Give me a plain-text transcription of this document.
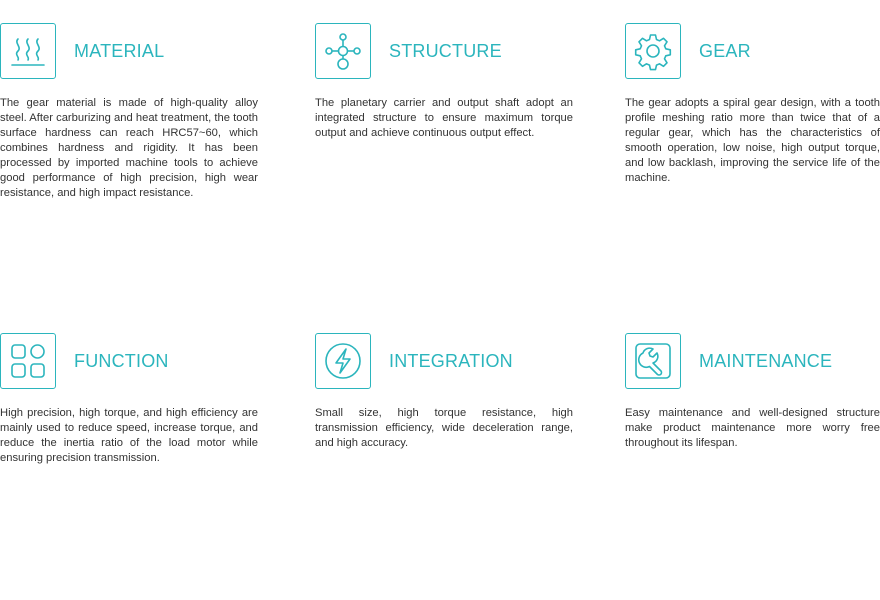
MATERIAL

The gear material is made of high-quality alloy steel. After carburizing and heat treatment, the tooth surface hardness can reach HRC57~60, which combines hardness and rigidity. It has been processed by imported machine tools to achieve good performance of high precision, high wear resistance, and high impact resistance.

STRUCTURE

The planetary carrier and output shaft adopt an integrated structure to ensure maximum torque output and achieve continuous output effect.

GEAR

The gear adopts a spiral gear design, with a tooth profile meshing ratio more than twice that of a regular gear, which has the characteristics of smooth operation, low noise, high output torque, and low backlash, improving the service life of the machine.

FUNCTION

High precision, high torque, and high efficiency are mainly used to reduce speed, increase torque, and reduce the inertia ratio of the load motor while ensuring precision transmission.

INTEGRATION

Small size, high torque resistance, high transmission efficiency, wide deceleration range, and high accuracy.

MAINTENANCE

Easy maintenance and well-designed structure make product maintenance more worry free throughout its lifespan.
